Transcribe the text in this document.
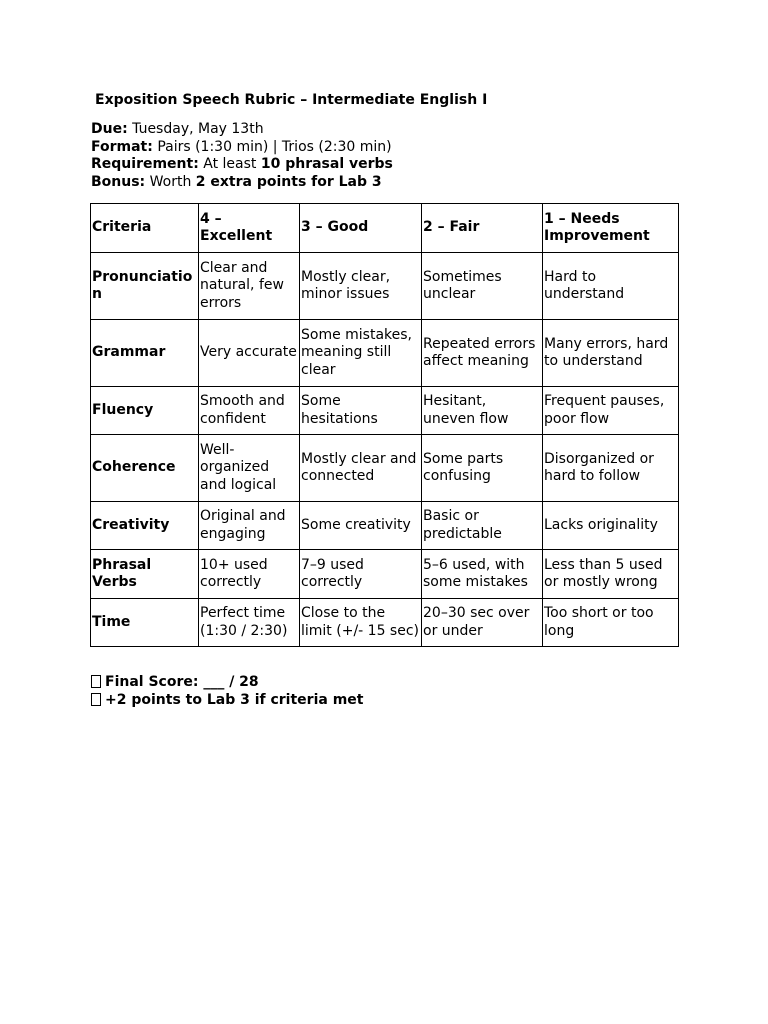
Exposition Speech Rubric – Intermediate English I
Due: Tuesday, May 13th
Format: Pairs (1:30 min) | Trios (2:30 min)
Requirement: At least 10 phrasal verbs
Bonus: Worth 2 extra points for Lab 3
Criteria	4 – Excellent	3 – Good	2 – Fair	1 – Needs Improvement
Pronunciation	Clear and natural, few errors	Mostly clear, minor issues	Sometimes unclear	Hard to understand
Grammar	Very accurate	Some mistakes, meaning still clear	Repeated errors affect meaning	Many errors, hard to understand
Fluency	Smooth and confident	Some hesitations	Hesitant, uneven flow	Frequent pauses, poor flow
Coherence	Well-organized and logical	Mostly clear and connected	Some parts confusing	Disorganized or hard to follow
Creativity	Original and engaging	Some creativity	Basic or predictable	Lacks originality
Phrasal Verbs	10+ used correctly	7–9 used correctly	5–6 used, with some mistakes	Less than 5 used or mostly wrong
Time	Perfect time (1:30 / 2:30)	Close to the limit (+/- 15 sec)	20–30 sec over or under	Too short or too long
Final Score: ___ / 28
+2 points to Lab 3 if criteria met
